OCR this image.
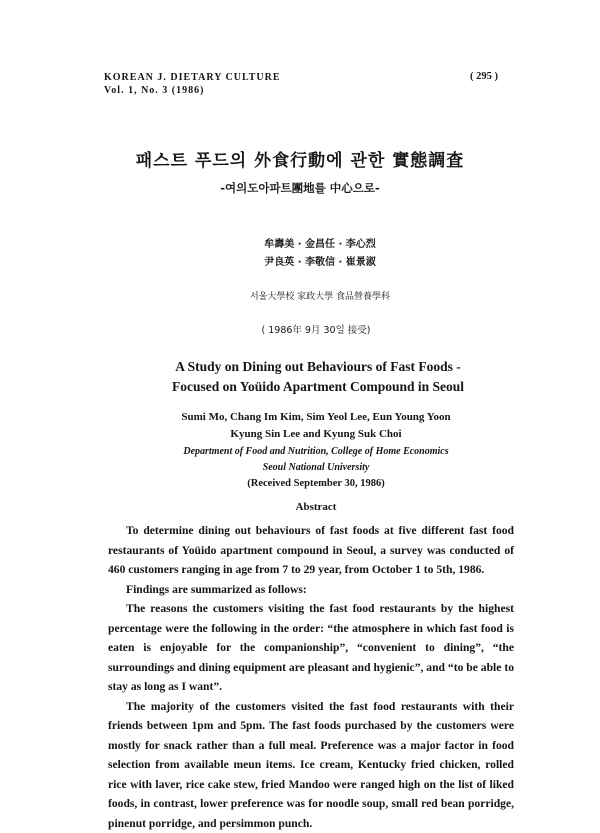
KOREAN J. DIETARY CULTURE
Vol. 1, No. 3 (1986)
( 295 )
패스트 푸드의 外食行動에 관한 實態調査
-여의도아파트團地를 中心으로-
牟壽美 · 金昌任 · 李心烈
尹良英 · 李敬信 · 崔景淑
서울大學校 家政大學 食品營養學科
( 1986年 9月 30일 接受)
A Study on Dining out Behaviours of Fast Foods -
Focused on Yoüido Apartment Compound in Seoul
Sumi Mo, Chang Im Kim, Sim Yeol Lee, Eun Young Yoon
Kyung Sin Lee and Kyung Suk Choi
Department of Food and Nutrition, College of Home Economics
Seoul National University
(Received September 30, 1986)
Abstract

To determine dining out behaviours of fast foods at five different fast food restaurants of Yoüido apartment compound in Seoul, a survey was conducted of 460 customers ranging in age from 7 to 29 year, from October 1 to 5th, 1986.

Findings are summarized as follows:

The reasons the customers visiting the fast food restaurants by the highest percentage were the following in the order: “the atmosphere in which fast food is eaten is enjoyable for the companionship”, “convenient to dining”, “the surroundings and dining equipment are pleasant and hygienic”, and “to be able to stay as long as I want”.

The majority of the customers visited the fast food restaurants with their friends between 1pm and 5pm. The fast foods purchased by the customers were mostly for snack rather than a full meal. Preference was a major factor in food selection from available meun items. Ice cream, Kentucky fried chicken, rolled rice with laver, rice cake stew, fried Mandoo were ranged high on the list of liked foods, in contrast, lower preference was for noodle soup, small red bean porridge, pinenut porridge, and persimmon punch.
